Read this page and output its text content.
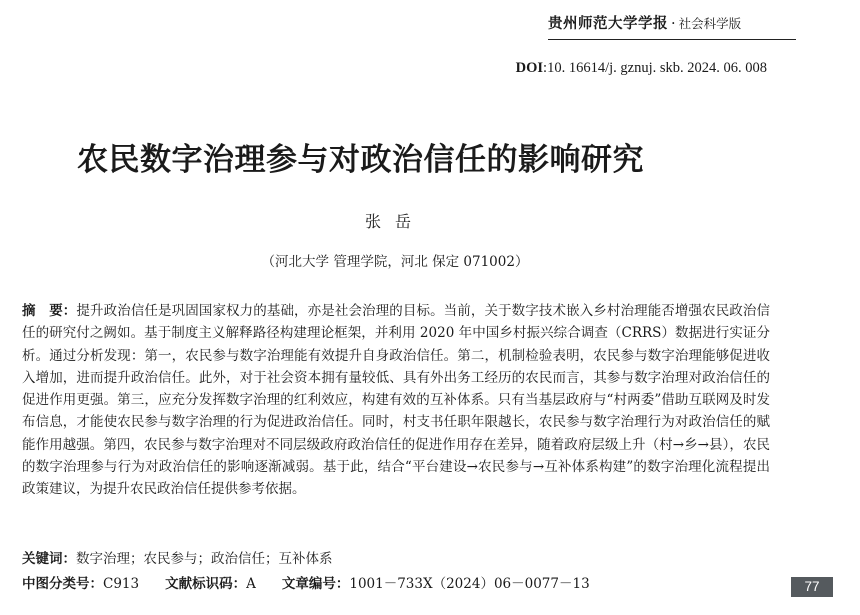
贵州师范大学学报 · 社会科学版
DOI:10. 16614/j. gznuj. skb. 2024. 06. 008
农民数字治理参与对政治信任的影响研究
张岳
（河北大学 管理学院，河北 保定 071002）

摘　要：提升政治信任是巩固国家权力的基础，亦是社会治理的目标。当前，关于数字技术嵌入乡村治理能否增强农民政治信任的研究付之阙如。基于制度主义解释路径构建理论框架，并利用 2020 年中国乡村振兴综合调查（CRRS）数据进行实证分析。通过分析发现：第一，农民参与数字治理能有效提升自身政治信任。第二，机制检验表明，农民参与数字治理能够促进收入增加，进而提升政治信任。此外，对于社会资本拥有量较低、具有外出务工经历的农民而言，其参与数字治理对政治信任的促进作用更强。第三，应充分发挥数字治理的红利效应，构建有效的互补体系。只有当基层政府与“村两委”借助互联网及时发布信息，才能使农民参与数字治理的行为促进政治信任。同时，村支书任职年限越长，农民参与数字治理行为对政治信任的赋能作用越强。第四，农民参与数字治理对不同层级政府政治信任的促进作用存在差异，随着政府层级上升（村→乡→县），农民的数字治理参与行为对政治信任的影响逐渐减弱。基于此，结合“平台建设→农民参与→互补体系构建”的数字治理化流程提出政策建议，为提升农民政治信任提供参考依据。

关键词：数字治理；农民参与；政治信任；互补体系
中图分类号：C913 文献标识码：A 文章编号：1001－733X（2024）06－0077－13	77
